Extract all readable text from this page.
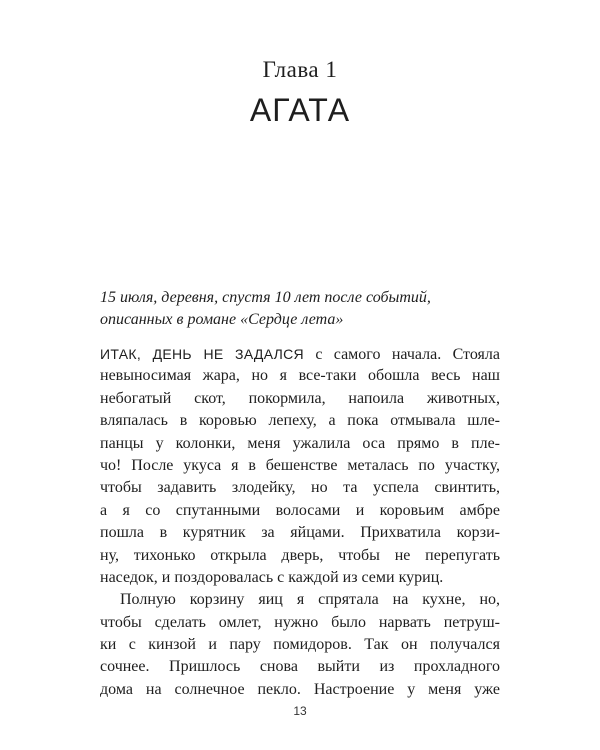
Глава 1
АГАТА
15 июля, деревня, спустя 10 лет после событий,
описанных в романе «Сердце лета»
ИТАК, ДЕНЬ НЕ ЗАДАЛСЯ с самого начала. Стояла
невыносимая жара, но я все-таки обошла весь наш
небогатый скот, покормила, напоила животных,
вляпалась в коровью лепеху, а пока отмывала шле-
панцы у колонки, меня ужалила оса прямо в пле-
чо! После укуса я в бешенстве металась по участку,
чтобы задавить злодейку, но та успела свинтить,
а я со спутанными волосами и коровьим амбре
пошла в курятник за яйцами. Прихватила корзи-
ну, тихонько открыла дверь, чтобы не перепугать
наседок, и поздоровалась с каждой из семи куриц.
Полную корзину яиц я спрятала на кухне, но,
чтобы сделать омлет, нужно было нарвать петруш-
ки с кинзой и пару помидоров. Так он получался
сочнее. Пришлось снова выйти из прохладного
дома на солнечное пекло. Настроение у меня уже
13
